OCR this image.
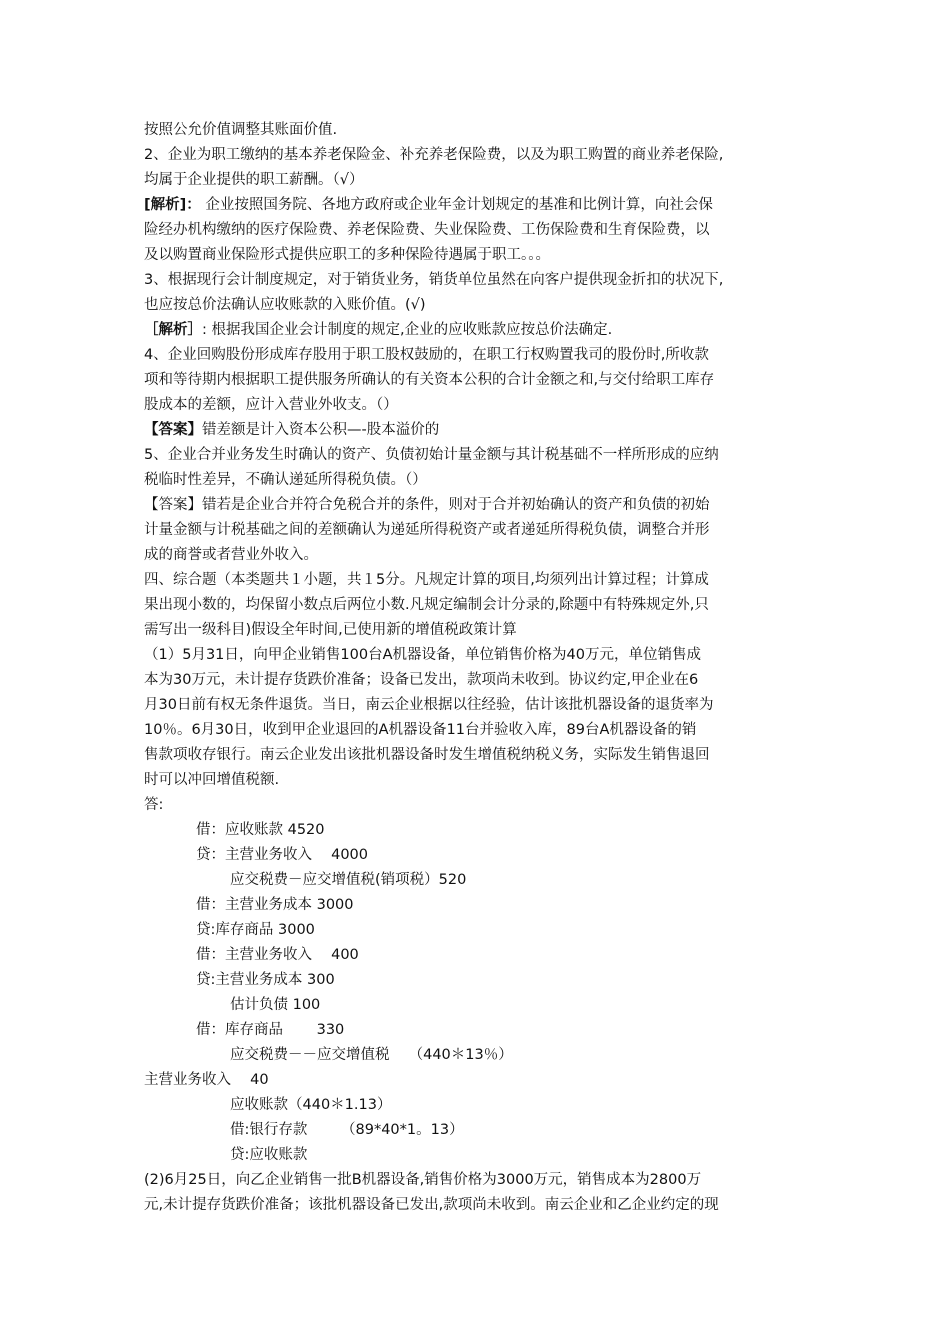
按照公允价值调整其账面价值.
2、企业为职工缴纳的基本养老保险金、补充养老保险费，以及为职工购置的商业养老保险,
均属于企业提供的职工薪酬。（√）
[解析]： 企业按照国务院、各地方政府或企业年金计划规定的基准和比例计算，向社会保
险经办机构缴纳的医疗保险费、养老保险费、失业保险费、工伤保险费和生育保险费，以
及以购置商业保险形式提供应职工的多种保险待遇属于职工。。。
3、根据现行会计制度规定，对于销货业务，销货单位虽然在向客户提供现金折扣的状况下,
也应按总价法确认应收账款的入账价值。(√)
［解析］: 根据我国企业会计制度的规定,企业的应收账款应按总价法确定.
4、企业回购股份形成库存股用于职工股权鼓励的，在职工行权购置我司的股份时,所收款
项和等待期内根据职工提供服务所确认的有关资本公积的合计金额之和,与交付给职工库存
股成本的差额，应计入营业外收支。（）
【答案】错差额是计入资本公积—-股本溢价的
5、企业合并业务发生时确认的资产、负债初始计量金额与其计税基础不一样所形成的应纳
税临时性差异，不确认递延所得税负债。（）
【答案】错若是企业合并符合免税合并的条件，则对于合并初始确认的资产和负债的初始
计量金额与计税基础之间的差额确认为递延所得税资产或者递延所得税负债，调整合并形
成的商誉或者营业外收入。
四、综合题（本类题共１小题，共１5分。凡规定计算的项目,均须列出计算过程；计算成
果出现小数的，均保留小数点后两位小数.凡规定编制会计分录的,除题中有特殊规定外,只
需写出一级科目)假设全年时间,已使用新的增值税政策计算
（1）5月31日，向甲企业销售100台A机器设备，单位销售价格为40万元，单位销售成
本为30万元，未计提存货跌价准备；设备已发出，款项尚未收到。协议约定,甲企业在6
月30日前有权无条件退货。当日，南云企业根据以往经验，估计该批机器设备的退货率为
10％。6月30日，收到甲企业退回的A机器设备11台并验收入库，89台A机器设备的销
售款项收存银行。南云企业发出该批机器设备时发生增值税纳税义务，实际发生销售退回
时可以冲回增值税额.
答:
借：应收账款 4520
贷：主营业务收入　 4000
应交税费－应交增值税(销项税）520
借：主营业务成本 3000
贷:库存商品 3000
借：主营业务收入　 400
贷:主营业务成本 300
估计负债 100
借：库存商品　　 330
应交税费－－应交增值税　 （440＊13％）
主营业务收入　 40
应收账款（440＊1.13）
借:银行存款　　 （89*40*1。13）
贷:应收账款
(2)6月25日，向乙企业销售一批B机器设备,销售价格为3000万元，销售成本为2800万
元,未计提存货跌价准备；该批机器设备已发出,款项尚未收到。南云企业和乙企业约定的现
